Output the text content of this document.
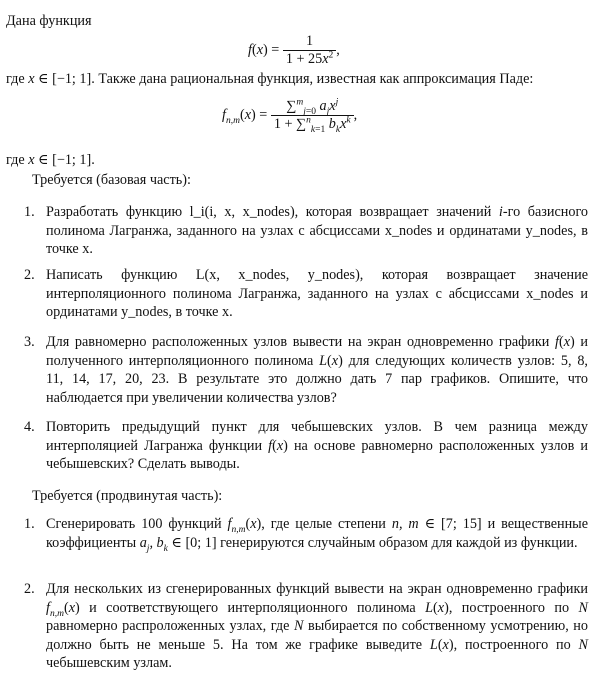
Дана функция
$f(x) = \frac{1}{1 + 25x^2}$ ,
где x ∈ [−1; 1]. Также дана рациональная функция, известная как аппроксимация Паде:
$f_{n,m}(x) = \frac{\sum^m_{j=0} a_jx^j}{1 + \sum^n_{k=1} b_kx^k}$ ,
где x ∈ [−1; 1].
Требуется (базовая часть):
1. Разработать функцию l_i(i, x, x_nodes), которая возвращает значений i-го базисного полинома Лагранжа, заданного на узлах с абсциссами x_nodes и ординатами y_nodes, в точке x.
2. Написать функцию L(x, x_nodes, y_nodes), которая возвращает значение интерполяционного полинома Лагранжа, заданного на узлах с абсциссами x_nodes и ординатами y_nodes, в точке x.
3. Для равномерно расположенных узлов вывести на экран одновременно графики f(x) и полученного интерполяционного полинома L(x) для следующих количеств узлов: 5, 8, 11, 14, 17, 20, 23. В результате это должно дать 7 пар графиков. Опишите, что наблюдается при увеличении количества узлов?
4. Повторить предыдущий пункт для чебышевских узлов. В чем разница между интерполяцией Лагранжа функции f(x) на основе равномерно расположенных узлов и чебышевских? Сделать выводы.
Требуется (продвинутая часть):
1. Сгенерировать 100 функций $f_{n,m}(x)$, где целые степени n, m ∈ [7; 15] и вещественные коэффициенты $a_j$, $b_k$ ∈ [0; 1] генерируются случайным образом для каждой из функции.
2. Для нескольких из сгенерированных функций вывести на экран одновременно графики $f_{n,m}(x)$ и соответствующего интерполяционного полинома L(x), построенного по N равномерно распроложенных узлах, где N выбирается по собственному усмотрению, но должно быть не меньше 5. На том же графике выведите L(x), построенного по N чебышевским узлам.
